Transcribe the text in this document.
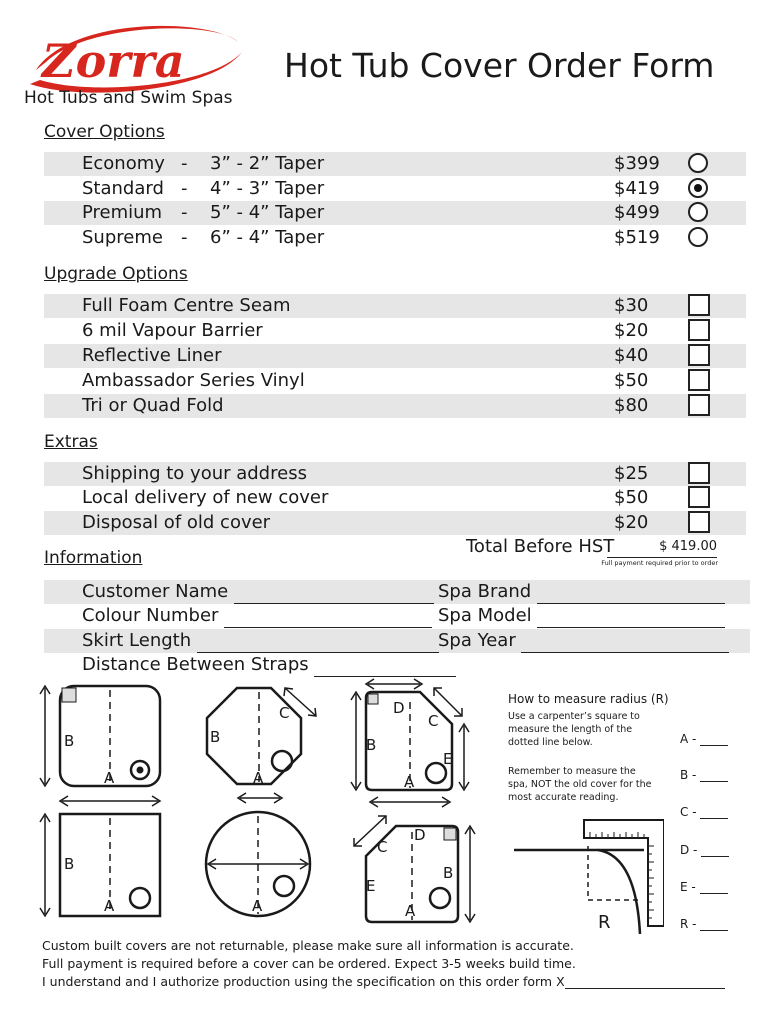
Zorra	Hot Tub Cover Order Form
Hot Tubs and Swim Spas
Cover Options
Economy - 3” - 2” Taper	$399
Standard - 4” - 3” Taper	$419
Premium - 5” - 4” Taper	$499
Supreme - 6” - 4” Taper	$519
Upgrade Options
Full Foam Centre Seam	$30
6 mil Vapour Barrier	$20
Reflective Liner	$40
Ambassador Series Vinyl	$50
Tri or Quad Fold	$80
Extras
Shipping to your address	$25
Local delivery of new cover	$50
Disposal of old cover	$20
Total Before HST	$ 419.00
Full payment required prior to order
Information
Customer Name	Spa Brand
Colour Number	Spa Model
Skirt Length	Spa Year
Distance Between Straps
B
A
C
B
A
D
C
B
E
A
B
A	A
D
C
B
E
A
How to measure radius (R)
Use a carpenter’s square to measure the length of the dotted line below.
Remember to measure the spa, NOT the old cover for the most accurate reading.
R
A -
B -
C -
D -
E -
R -
Custom built covers are not returnable, please make sure all information is accurate.
Full payment is required before a cover can be ordered. Expect 3-5 weeks build time.
I understand and I authorize production using the specification on this order form X
